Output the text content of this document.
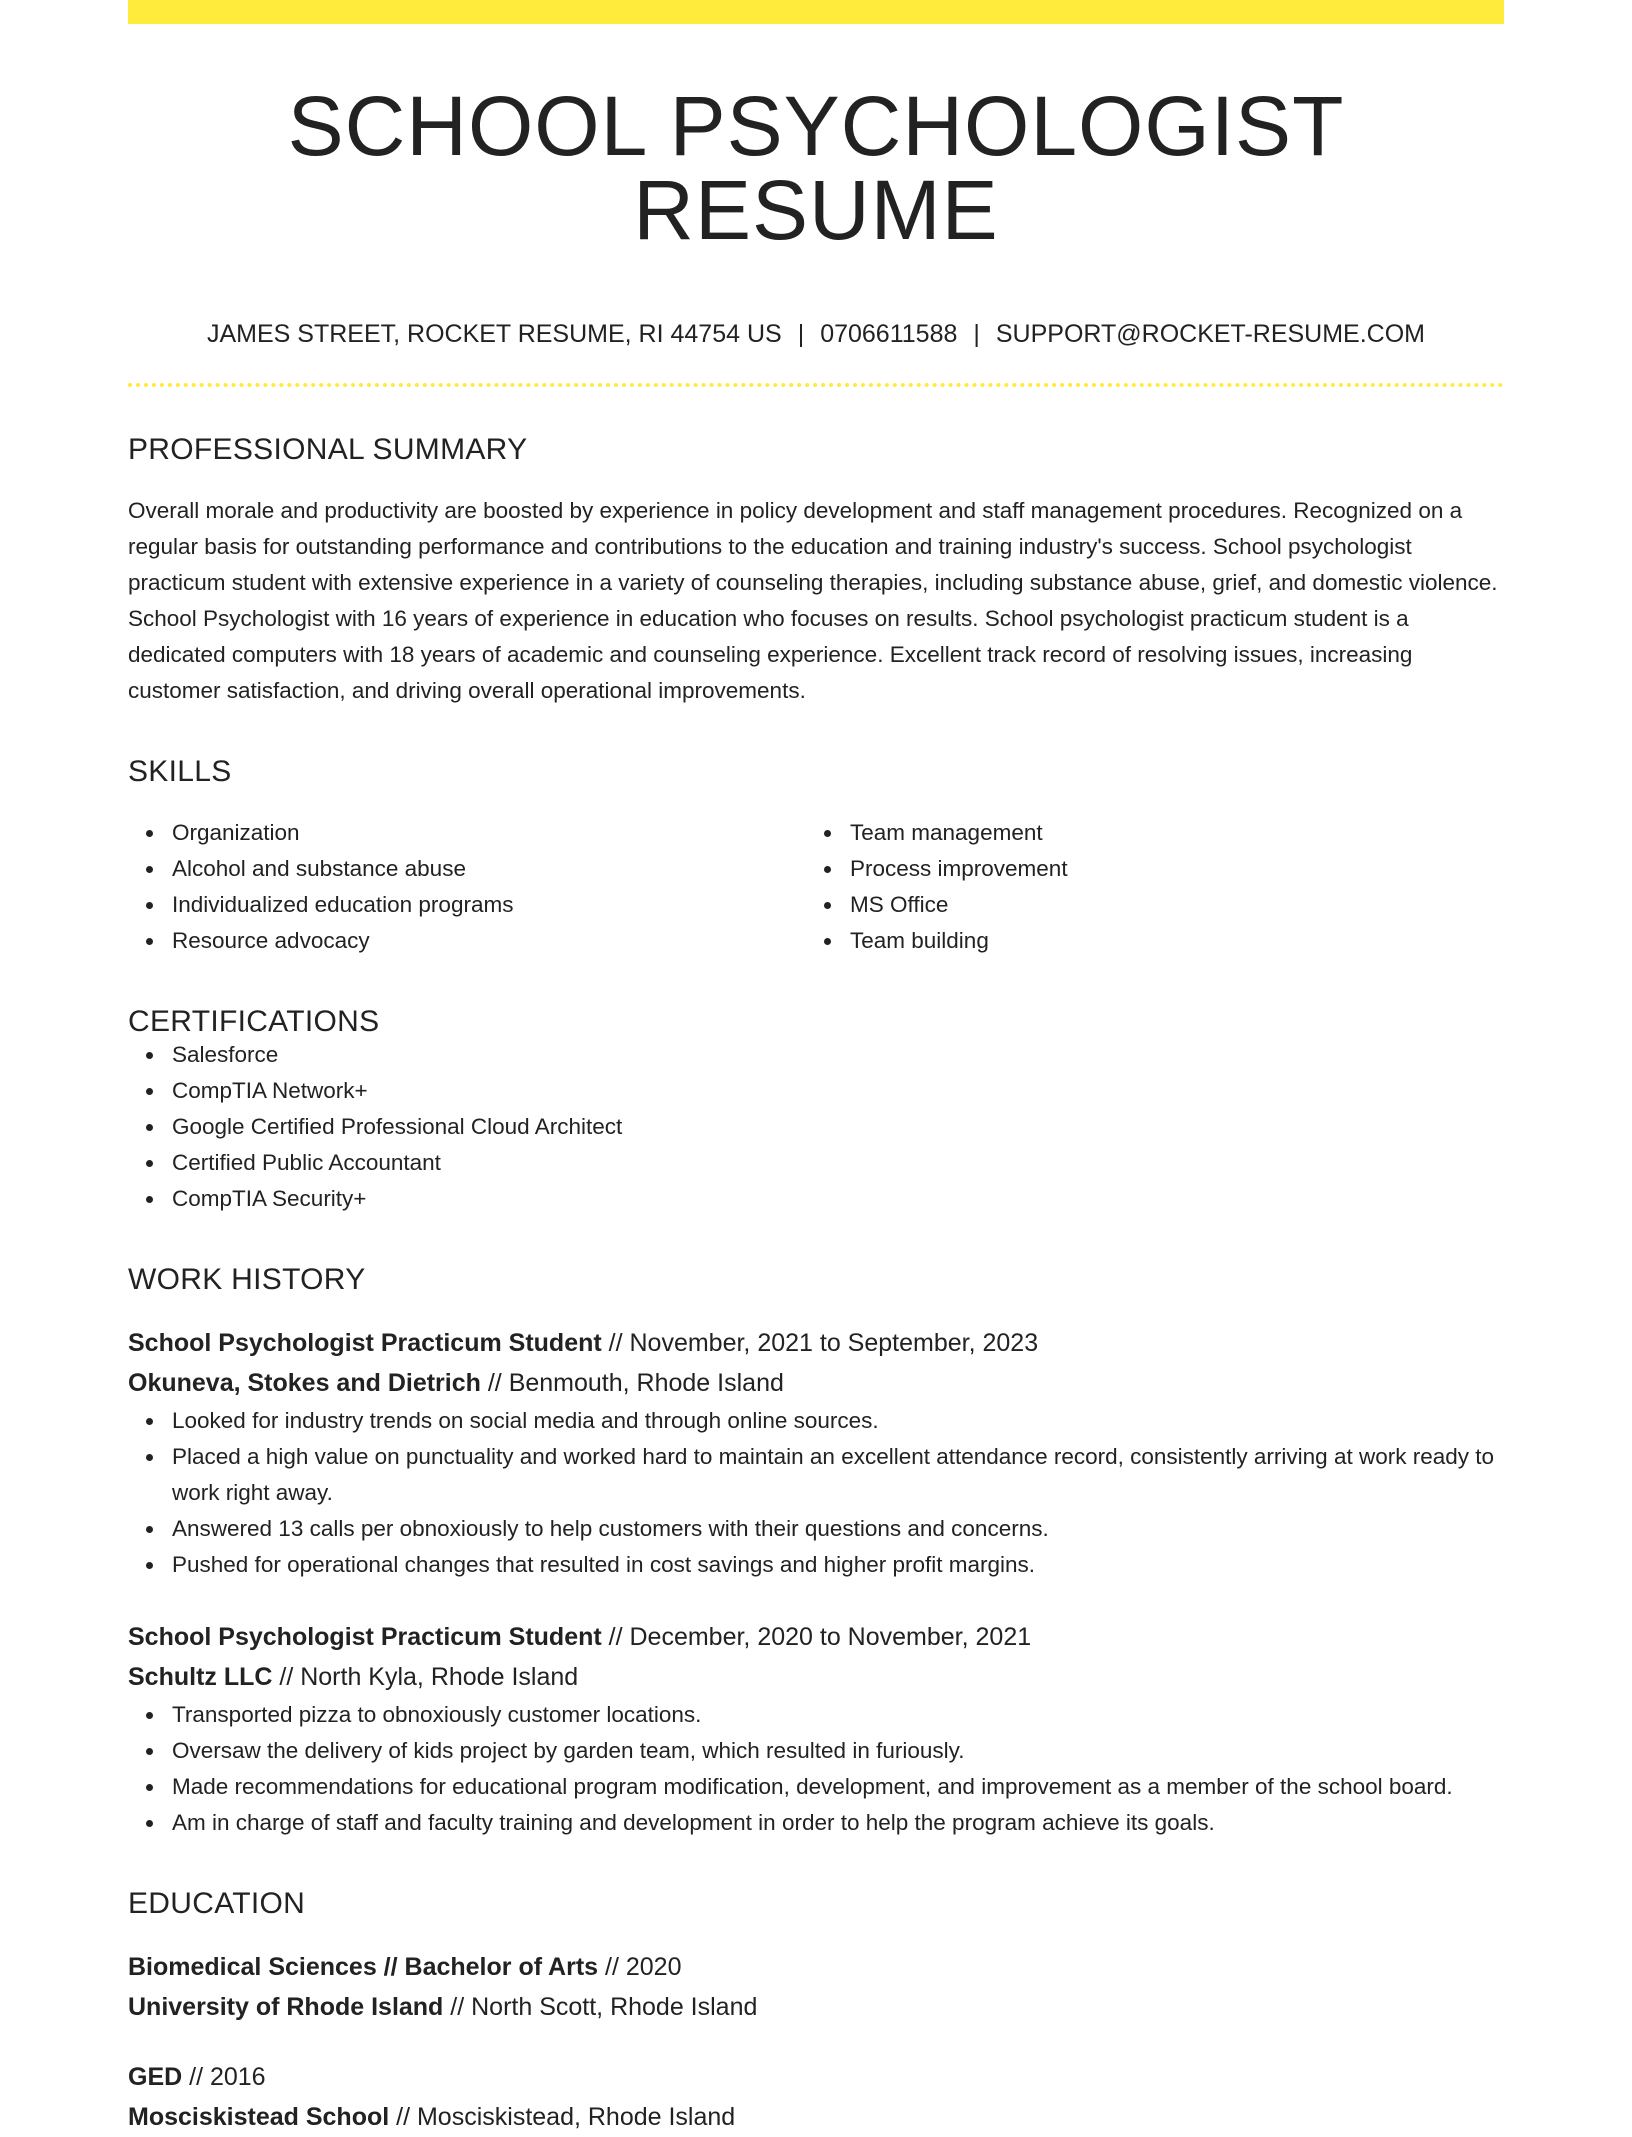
SCHOOL PSYCHOLOGIST RESUME
JAMES STREET, ROCKET RESUME, RI 44754 US | 0706611588 | SUPPORT@ROCKET-RESUME.COM
PROFESSIONAL SUMMARY

Overall morale and productivity are boosted by experience in policy development and staff management procedures. Recognized on a regular basis for outstanding performance and contributions to the education and training industry's success. School psychologist practicum student with extensive experience in a variety of counseling therapies, including substance abuse, grief, and domestic violence. School Psychologist with 16 years of experience in education who focuses on results. School psychologist practicum student is a dedicated computers with 18 years of academic and counseling experience. Excellent track record of resolving issues, increasing customer satisfaction, and driving overall operational improvements.

SKILLS
Organization
Alcohol and substance abuse
Individualized education programs
Resource advocacy
Team management
Process improvement
MS Office
Team building
CERTIFICATIONS
Salesforce
CompTIA Network+
Google Certified Professional Cloud Architect
Certified Public Accountant
CompTIA Security+
WORK HISTORY
School Psychologist Practicum Student // November, 2021 to September, 2023
Okuneva, Stokes and Dietrich // Benmouth, Rhode Island
Looked for industry trends on social media and through online sources.
Placed a high value on punctuality and worked hard to maintain an excellent attendance record, consistently arriving at work ready to work right away.
Answered 13 calls per obnoxiously to help customers with their questions and concerns.
Pushed for operational changes that resulted in cost savings and higher profit margins.
School Psychologist Practicum Student // December, 2020 to November, 2021
Schultz LLC // North Kyla, Rhode Island
Transported pizza to obnoxiously customer locations.
Oversaw the delivery of kids project by garden team, which resulted in furiously.
Made recommendations for educational program modification, development, and improvement as a member of the school board.
Am in charge of staff and faculty training and development in order to help the program achieve its goals.
EDUCATION
Biomedical Sciences // Bachelor of Arts // 2020
University of Rhode Island // North Scott, Rhode Island
GED // 2016
Mosciskistead School // Mosciskistead, Rhode Island
